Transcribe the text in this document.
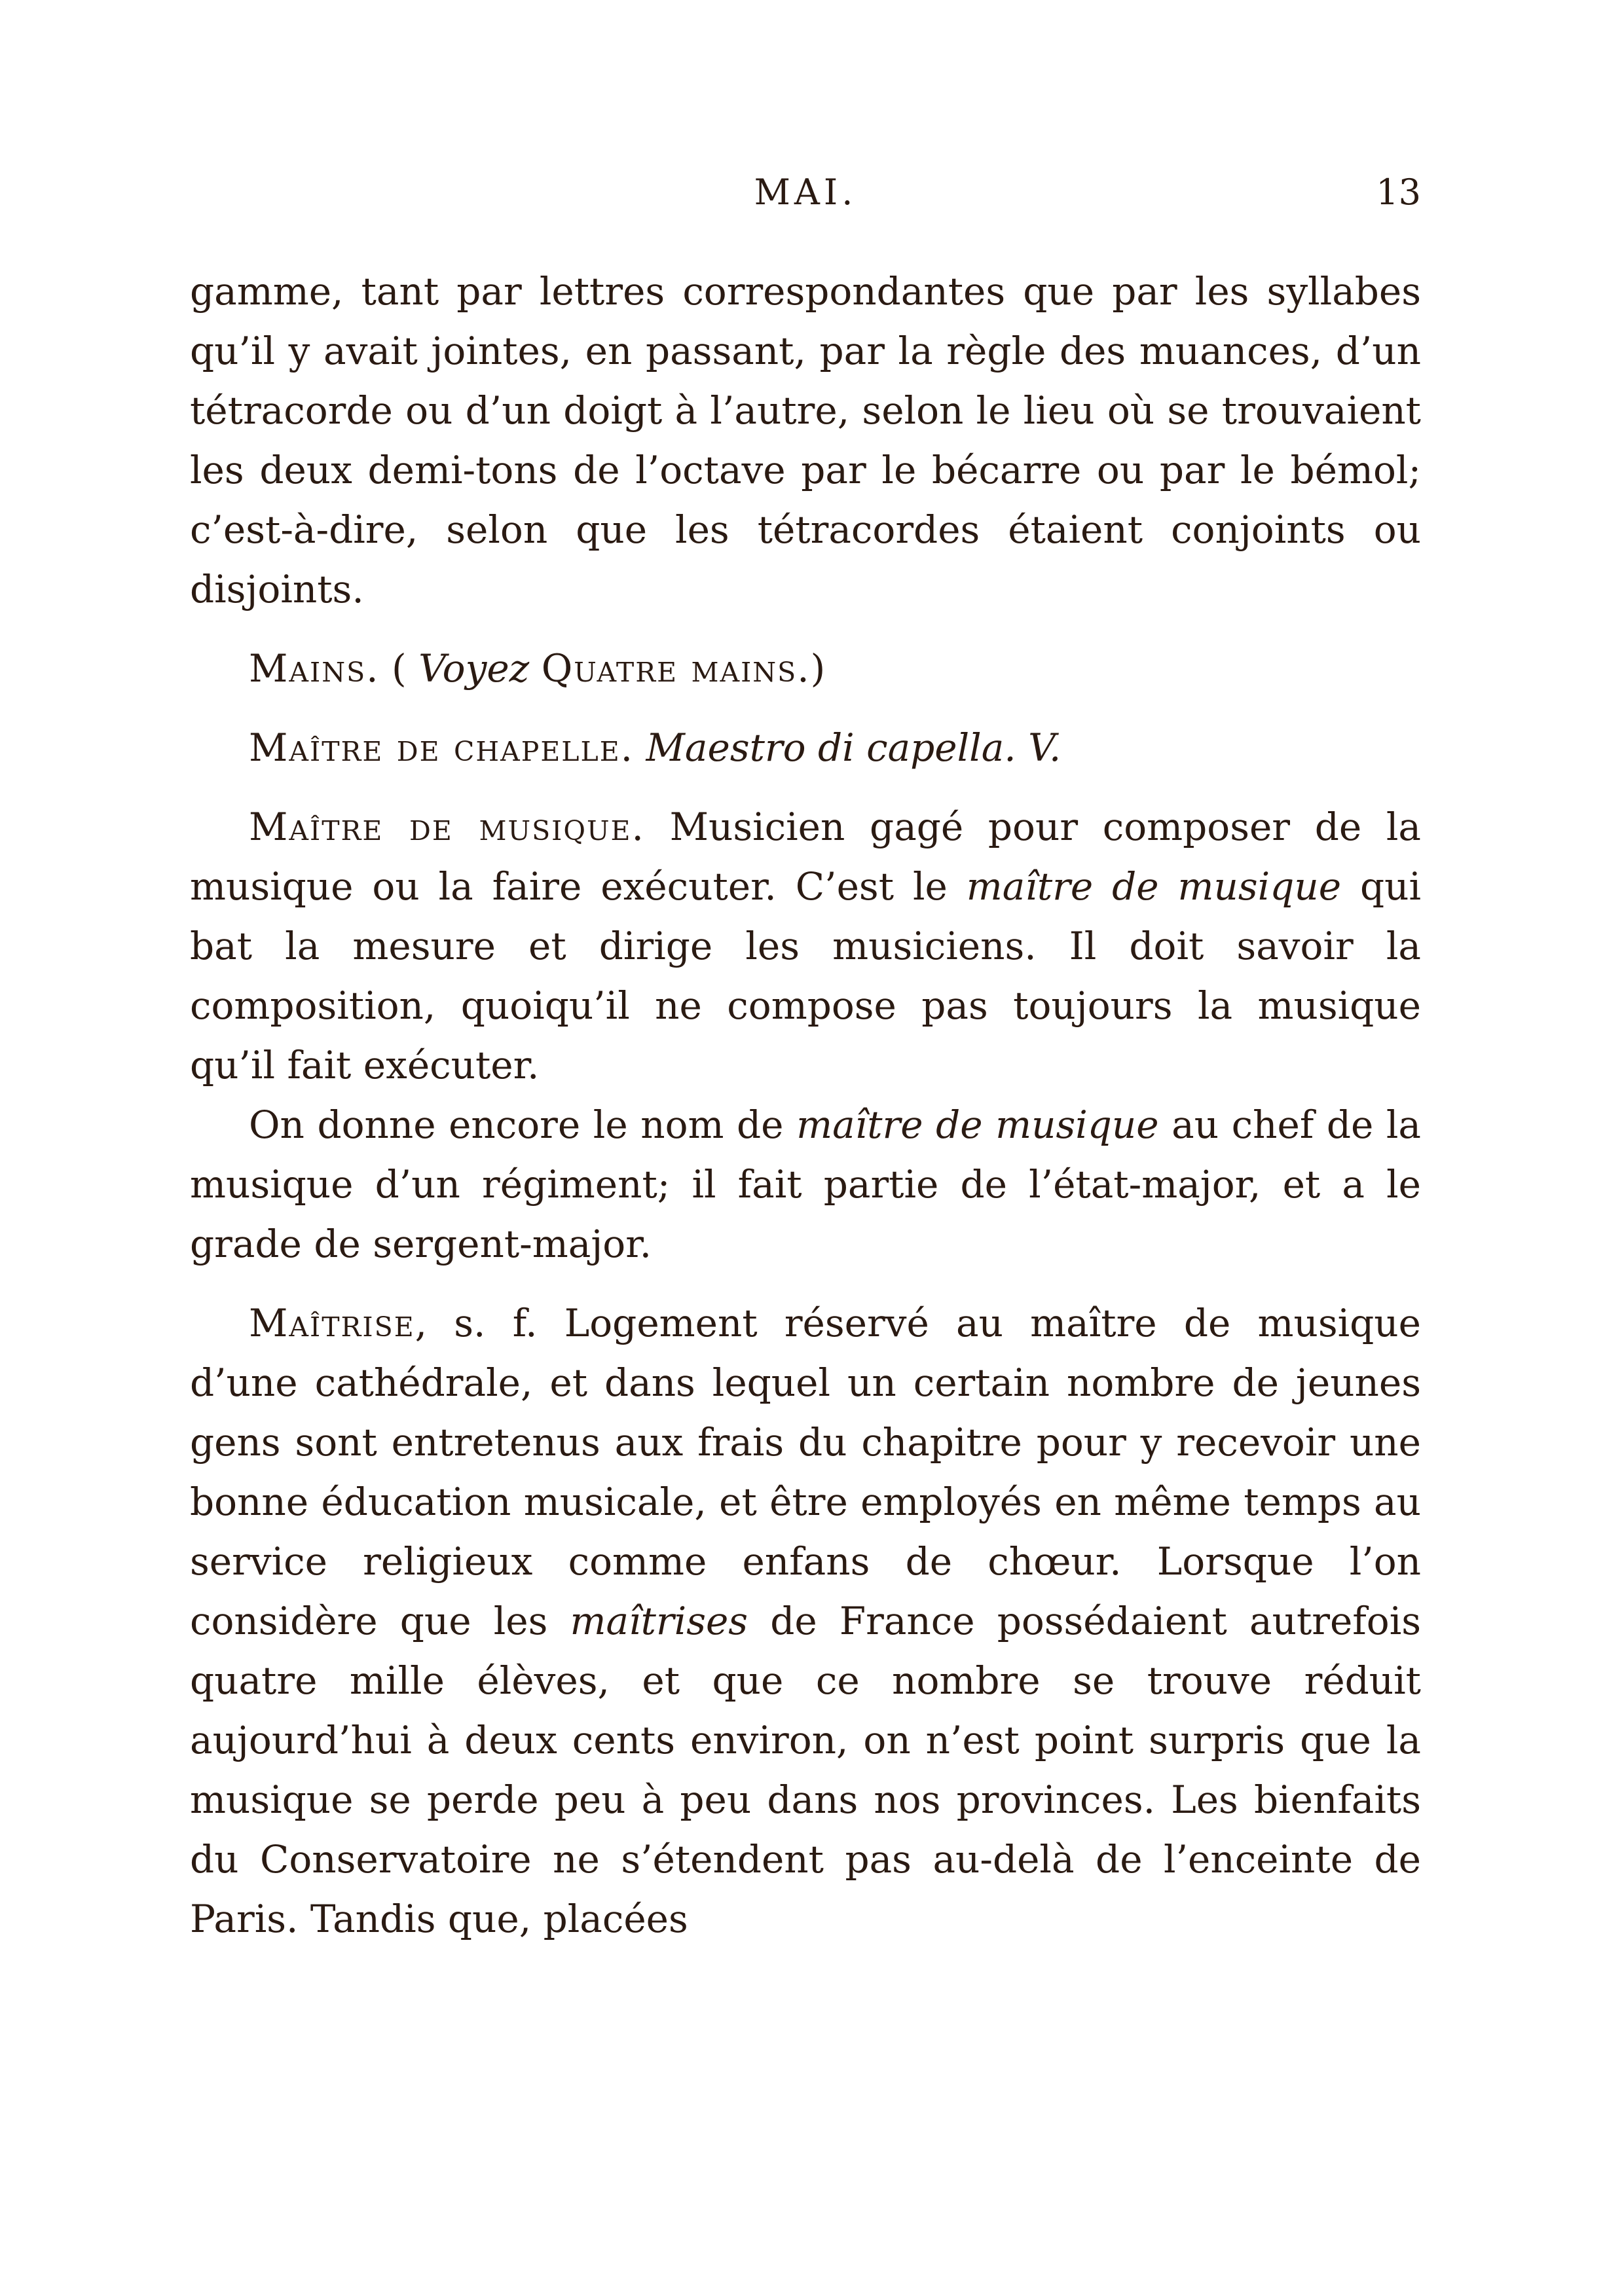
MAI.	13

gamme, tant par lettres correspondantes que par les syllabes qu’il y avait jointes, en passant, par la règle des muances, d’un tétracorde ou d’un doigt à l’autre, selon le lieu où se trouvaient les deux demi-tons de l’octave par le bécarre ou par le bémol; c’est-à-dire, selon que les tétracordes étaient conjoints ou disjoints.

Mains. ( Voyez Quatre mains.)

Maître de chapelle. Maestro di capella. V.

Maître de musique. Musicien gagé pour composer de la musique ou la faire exécuter. C’est le maître de musique qui bat la mesure et dirige les musiciens. Il doit savoir la composition, quoiqu’il ne compose pas toujours la musique qu’il fait exécuter.

On donne encore le nom de maître de musique au chef de la musique d’un régiment; il fait partie de l’état-major, et a le grade de sergent-major.

Maîtrise, s. f. Logement réservé au maître de musique d’une cathédrale, et dans lequel un certain nombre de jeunes gens sont entretenus aux frais du chapitre pour y recevoir une bonne éducation musicale, et être employés en même temps au service religieux comme enfans de chœur. Lorsque l’on considère que les maîtrises de France possédaient autrefois quatre mille élèves, et que ce nombre se trouve réduit aujourd’hui à deux cents environ, on n’est point surpris que la musique se perde peu à peu dans nos provinces. Les bienfaits du Conservatoire ne s’étendent pas au-delà de l’enceinte de Paris. Tandis que, placées
